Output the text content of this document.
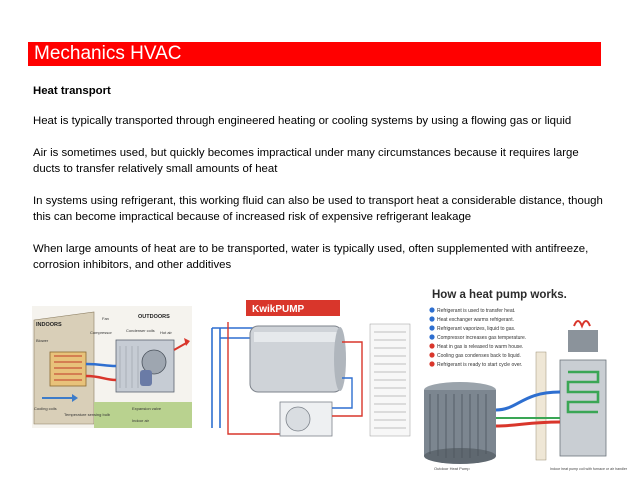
Mechanics HVAC
Heat transport

Heat is typically transported through engineered heating or cooling systems by using a flowing gas or liquid

Air is sometimes used, but quickly becomes impractical under many circumstances because it requires large ducts to transfer relatively small amounts of heat

In systems using refrigerant, this working fluid can also be used to transport heat a considerable distance, though this can become impractical because of increased risk of expensive refrigerant leakage

When large amounts of heat are to be transported, water is typically used, often supplemented with antifreeze, corrosion inhibitors, and other additives

INDOORS
OUTDOORS
Fan
Compressor	Condenser coils
Blower
Hot air
Cooling coils
Temperature sensing bulb
Expansion valve
Indoor air
KwikPUMP
How a heat pump works.
Refrigerant is used to transfer heat.
Heat exchanger warms refrigerant.
Refrigerant vaporizes, liquid to gas.
Compressor increases gas temperature.
Heat in gas is released to warm house.
Cooling gas condenses back to liquid.
Refrigerant is ready to start cycle over.
Outdoor Heat Pump	Indoor heat pump coil with furnace or air handler
